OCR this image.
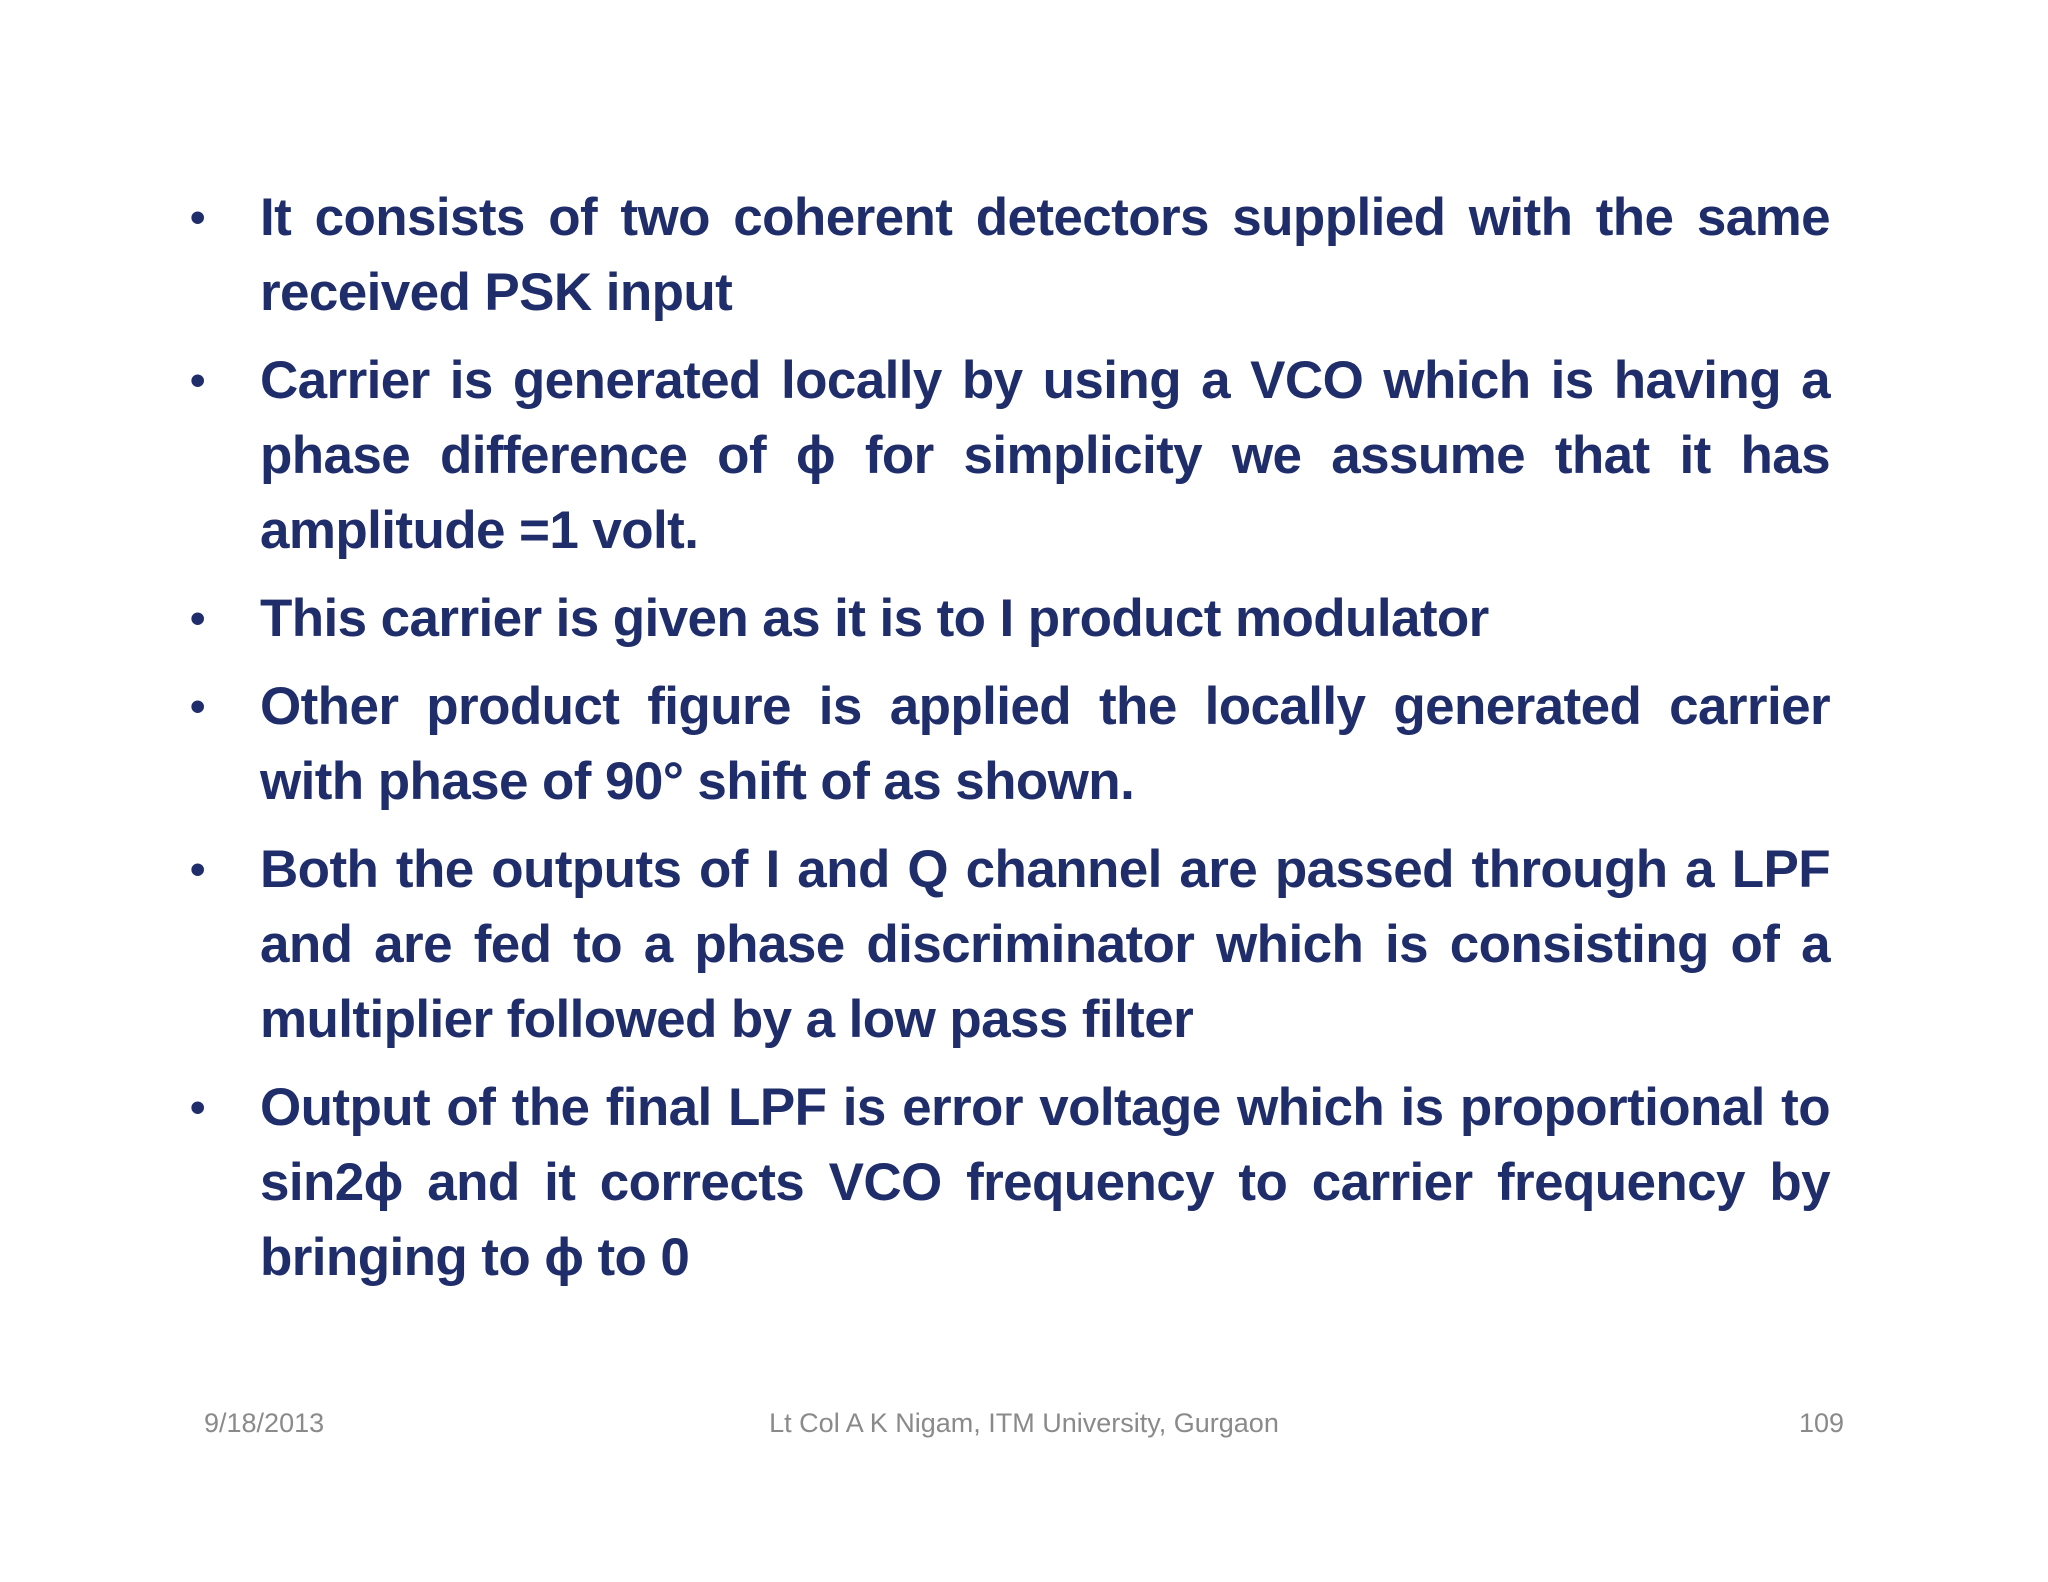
• It consists of two coherent detectors supplied with the same received PSK input
• Carrier is generated locally by using a VCO which is having a phase difference of ϕ for simplicity we assume that it has amplitude =1 volt.
• This carrier is given as it is to I product modulator
• Other product figure is applied the locally generated carrier with phase of 90° shift of as shown.
• Both the outputs of I and Q channel are passed through a LPF and are fed to a phase discriminator which is consisting of a multiplier followed by a low pass filter
• Output of the final LPF is error voltage which is proportional to sin2ϕ and it corrects VCO frequency to carrier frequency by bringing to ϕ to 0
9/18/2013	Lt Col A K Nigam, ITM University, Gurgaon	109
